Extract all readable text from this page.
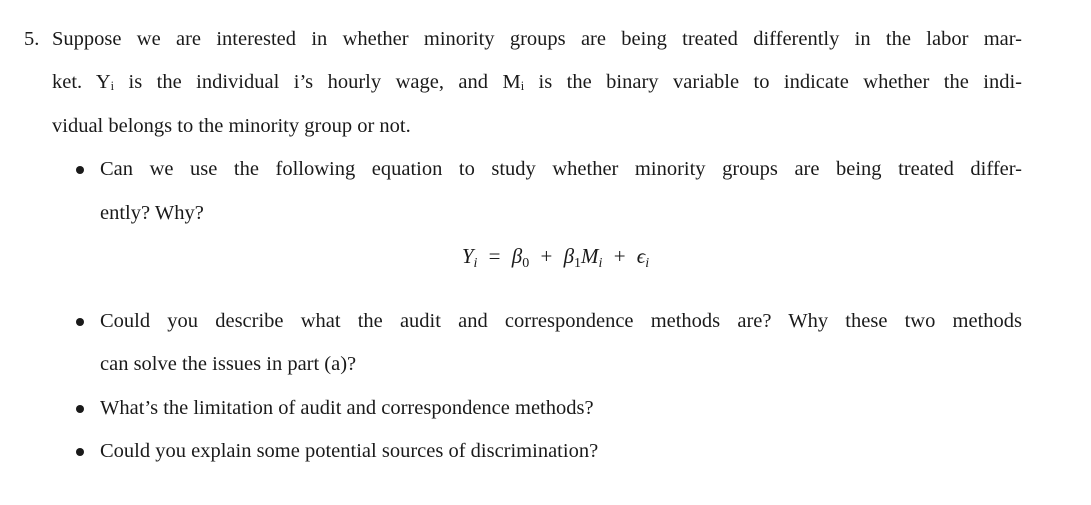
5. Suppose we are interested in whether minority groups are being treated differently in the labor mar-
ket. Yᵢ is the individual i’s hourly wage, and Mᵢ is the binary variable to indicate whether the indi-
vidual belongs to the minority group or not.
Can we use the following equation to study whether minority groups are being treated differ-
ently? Why?
$Y_i = \beta_0 + \beta_1M_i + \epsilon_i$
Could you describe what the audit and correspondence methods are? Why these two methods
can solve the issues in part (a)?
What’s the limitation of audit and correspondence methods?
Could you explain some potential sources of discrimination?
